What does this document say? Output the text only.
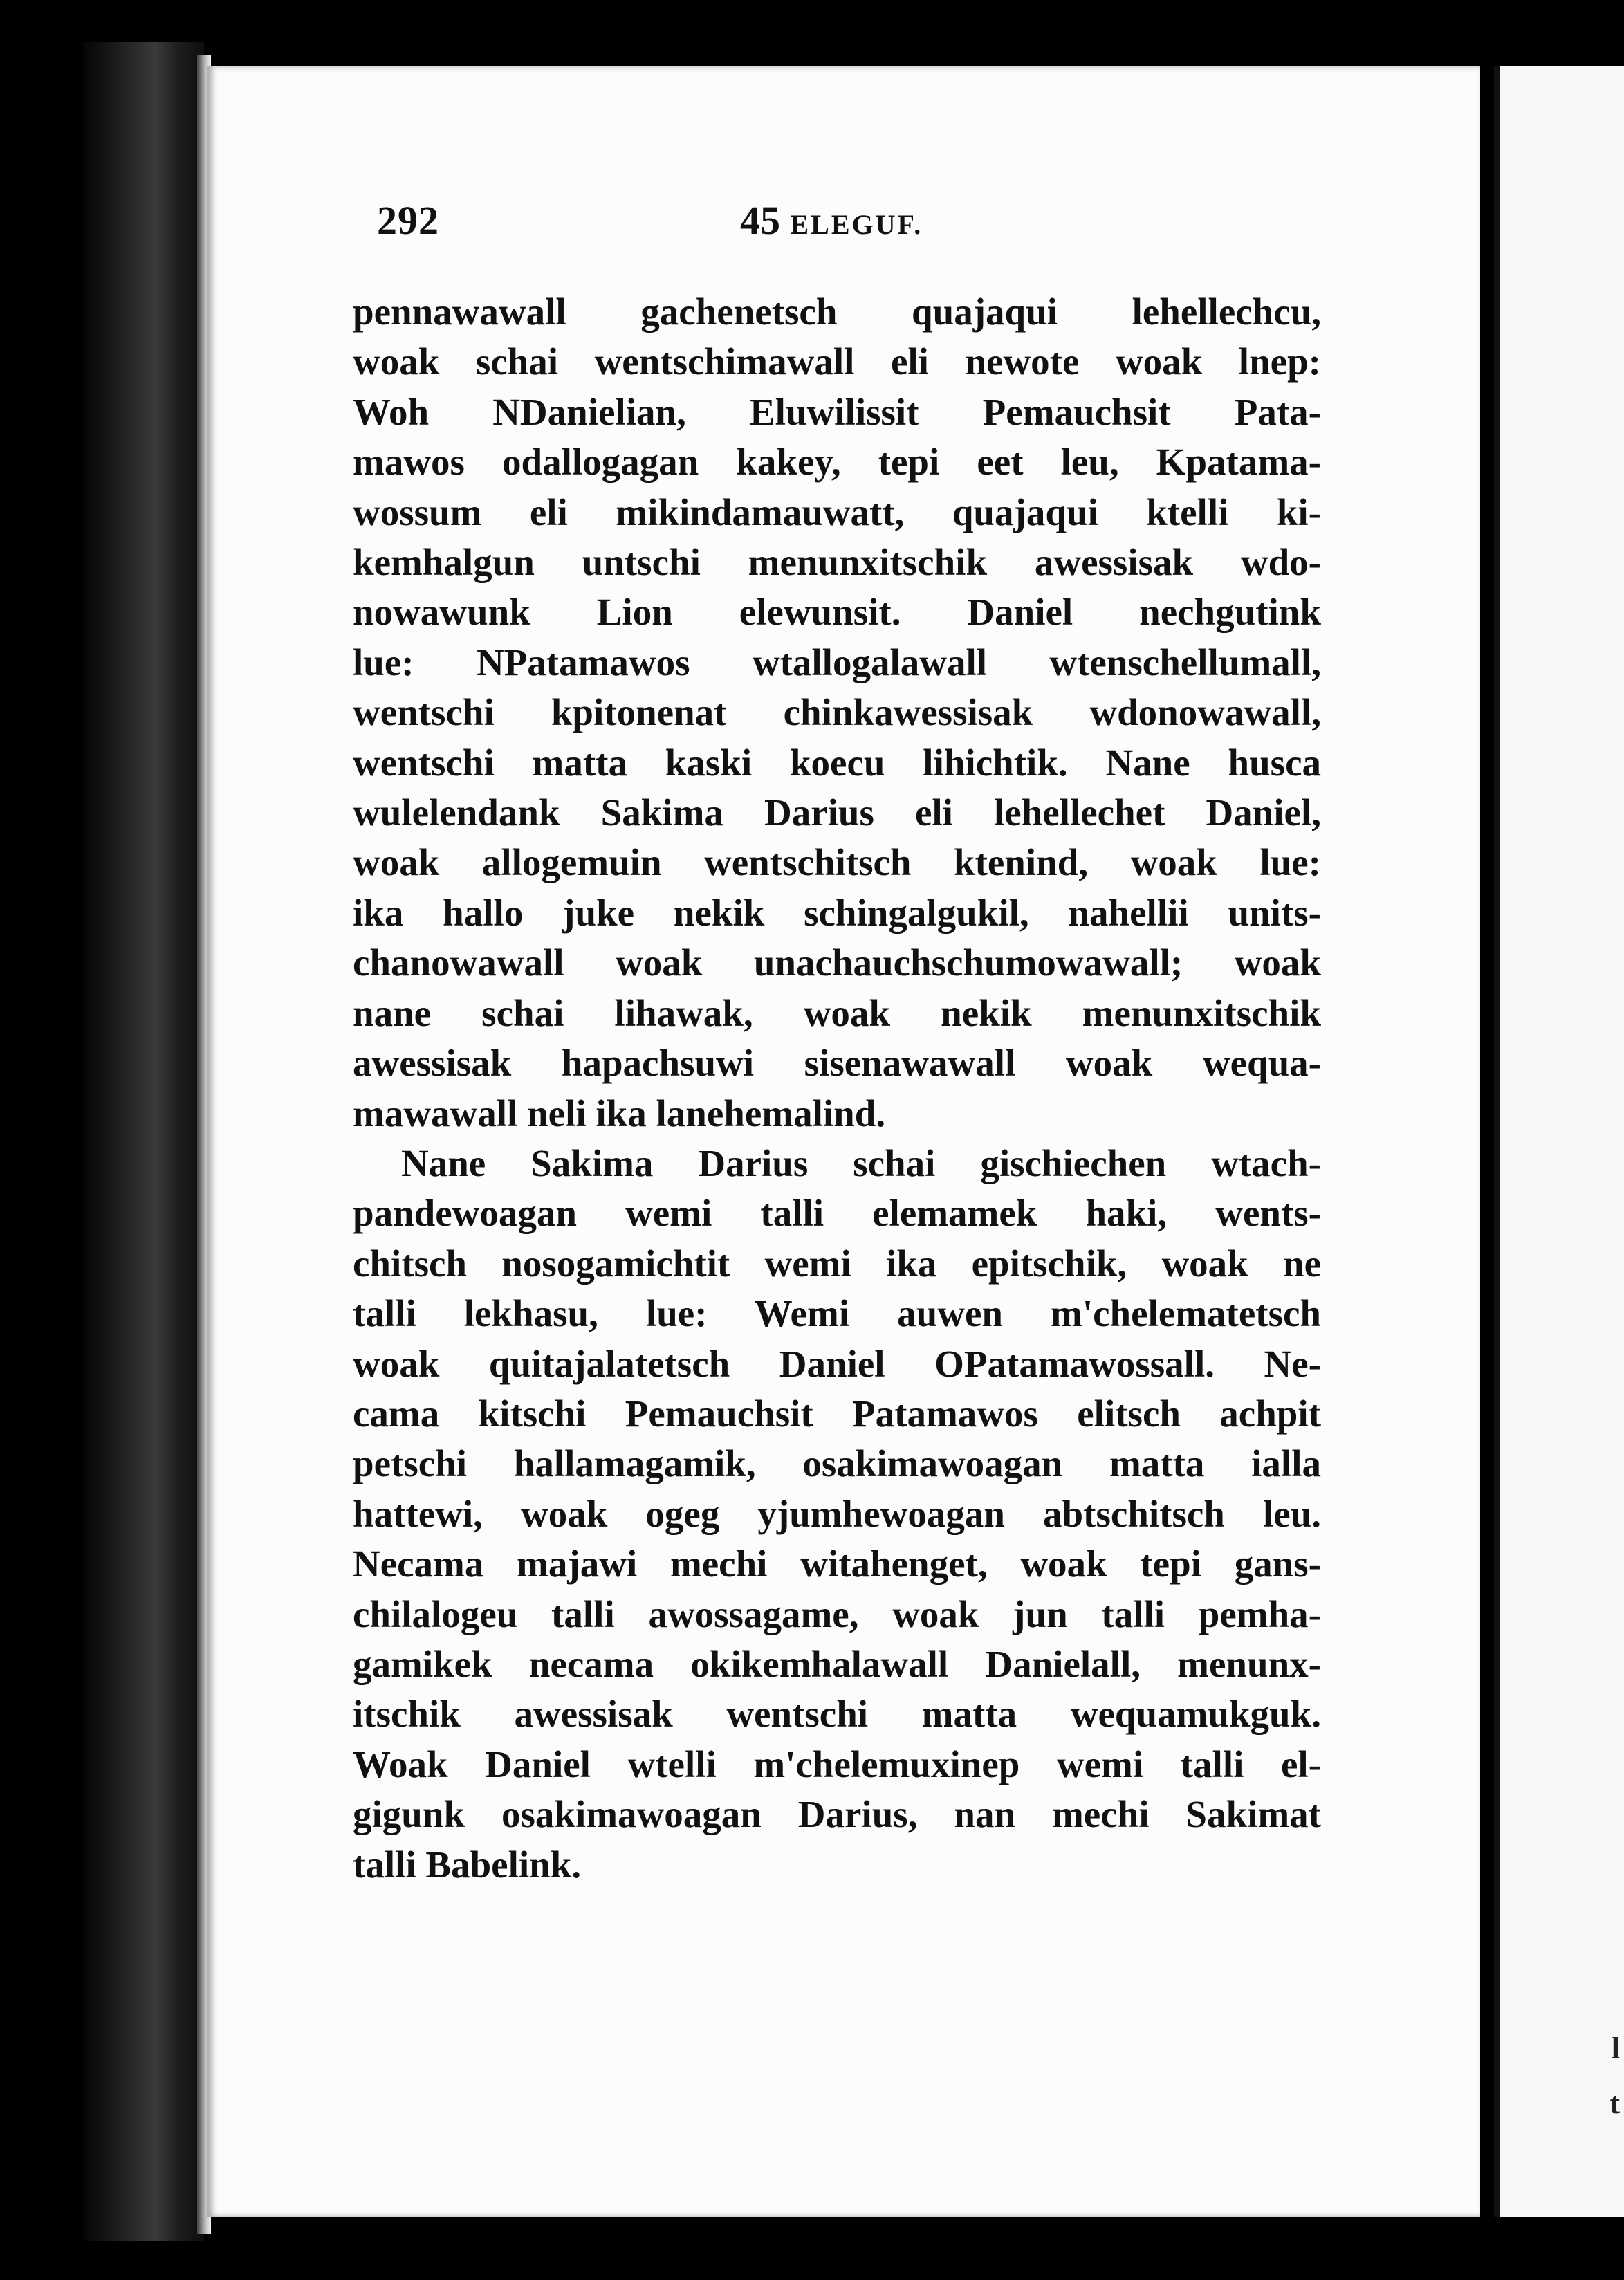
l
t
292	45 ELEGUF.
pennawawall gachenetsch quajaqui lehellechcu,
woak schai wentschimawall eli newote woak lnep:
Woh NDanielian, Eluwilissit Pemauchsit Pata-
mawos odallogagan kakey, tepi eet leu, Kpatama-
wossum eli mikindamauwatt, quajaqui ktelli ki-
kemhalgun untschi menunxitschik awessisak wdo-
nowawunk Lion elewunsit. Daniel nechgutink
lue: NPatamawos wtallogalawall wtenschellumall,
wentschi kpitonenat chinkawessisak wdonowawall,
wentschi matta kaski koecu lihichtik. Nane husca
wulelendank Sakima Darius eli lehellechet Daniel,
woak allogemuin wentschitsch ktenind, woak lue:
ika hallo juke nekik schingalgukil, nahellii units-
chanowawall woak unachauchschumowawall; woak
nane schai lihawak, woak nekik menunxitschik
awessisak hapachsuwi sisenawawall woak wequa-
mawawall neli ika lanehemalind.
Nane Sakima Darius schai gischiechen wtach-
pandewoagan wemi talli elemamek haki, wents-
chitsch nosogamichtit wemi ika epitschik, woak ne
talli lekhasu, lue: Wemi auwen m'chelematetsch
woak quitajalatetsch Daniel OPatamawossall. Ne-
cama kitschi Pemauchsit Patamawos elitsch achpit
petschi hallamagamik, osakimawoagan matta ialla
hattewi, woak ogeg yjumhewoagan abtschitsch leu.
Necama majawi mechi witahenget, woak tepi gans-
chilalogeu talli awossagame, woak jun talli pemha-
gamikek necama okikemhalawall Danielall, menunx-
itschik awessisak wentschi matta wequamukguk.
Woak Daniel wtelli m'chelemuxinep wemi talli el-
gigunk osakimawoagan Darius, nan mechi Sakimat
talli Babelink.
